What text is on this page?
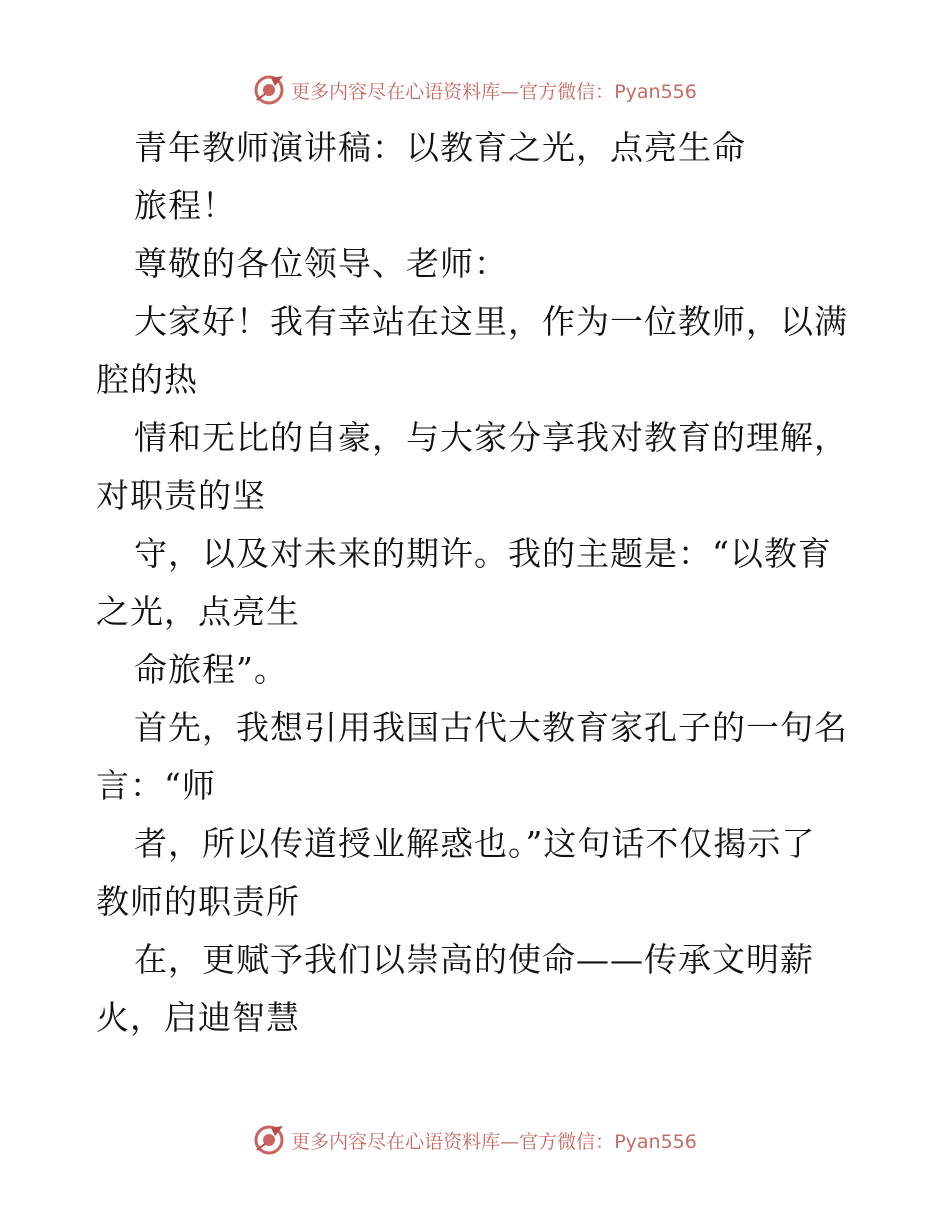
更多内容尽在心语资料库—官方微信：Pyan556
青年教师演讲稿：以教育之光，点亮生命
旅程！
尊敬的各位领导、老师：
大家好！我有幸站在这里，作为一位教师，以满
腔的热
情和无比的自豪，与大家分享我对教育的理解，
对职责的坚
守，以及对未来的期许。我的主题是：“以教育
之光，点亮生
命旅程”。
首先，我想引用我国古代大教育家孔子的一句名
言：“师
者，所以传道授业解惑也。”这句话不仅揭示了
教师的职责所
在，更赋予我们以崇高的使命——传承文明薪
火，启迪智慧
更多内容尽在心语资料库—官方微信：Pyan556
